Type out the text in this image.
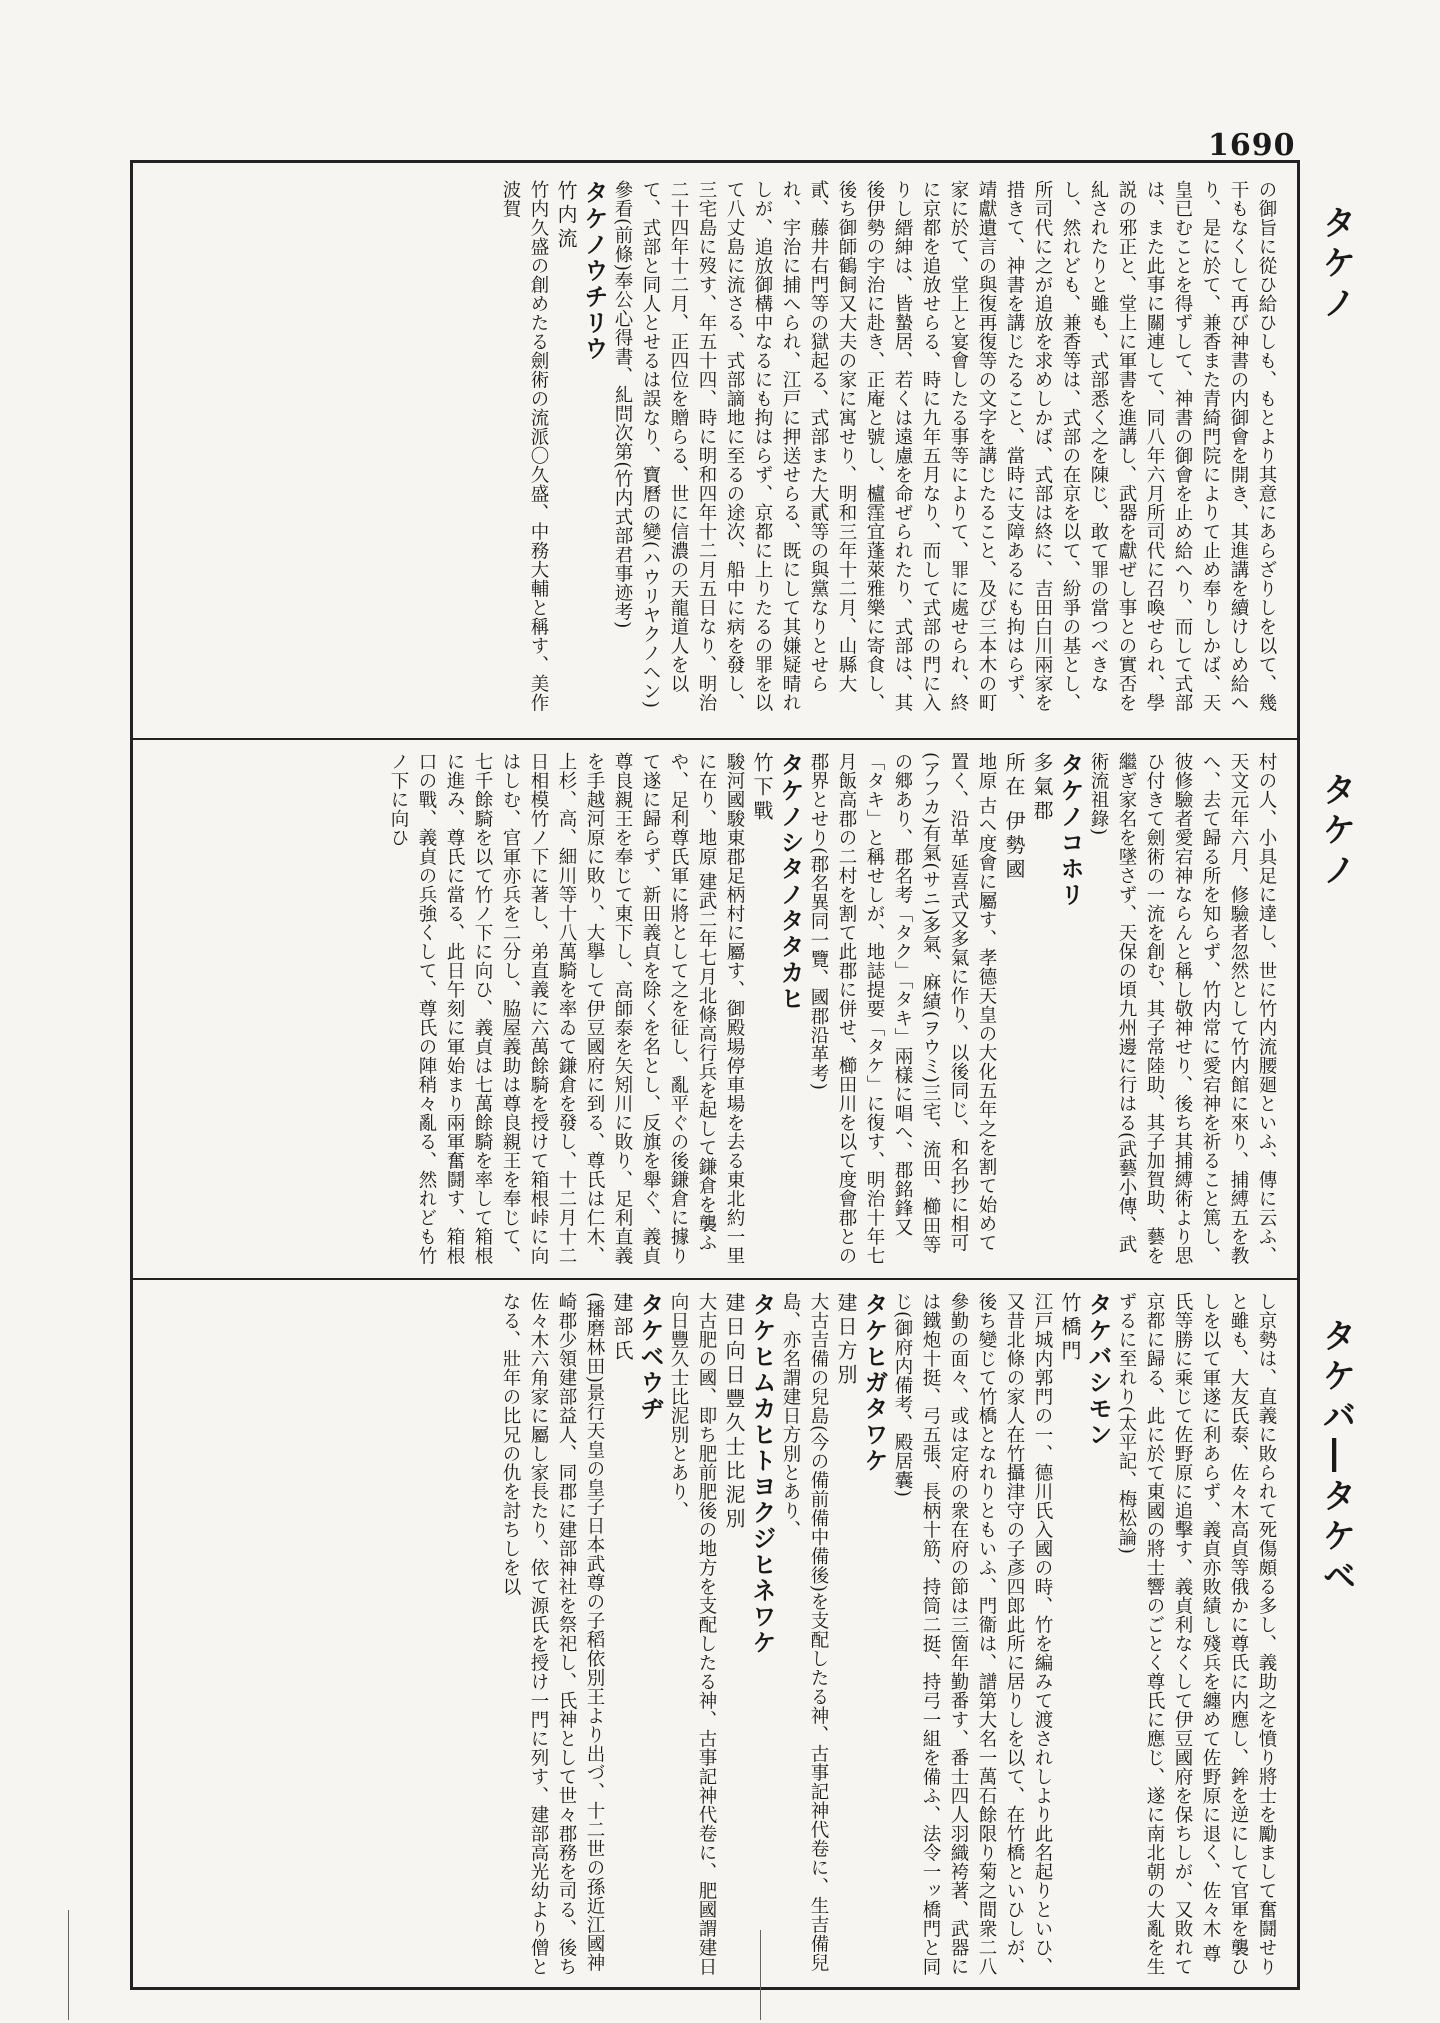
1690
タケノ
タケノ
タケバ―タケベ

の御旨に從ひ給ひしも、もとより其意にあらざりしを以て、幾干もなくして再び神書の内御會を開き、其進講を續けしめ給へり、是に於て、兼香また青綺門院によりて止め奉りしかば、天皇已むことを得ずして、神書の御會を止め給へり、而して式部は、また此事に關連して、同八年六月所司代に召喚せられ、學説の邪正と、堂上に軍書を進講し、武器を獻ぜし事との實否を糺されたりと雖も、式部悉く之を陳じ、敢て罪の當つべきなし、然れども、兼香等は、式部の在京を以て、紛爭の基とし、所司代に之が追放を求めしかば、式部は終に、吉田白川兩家を措きて、神書を講じたること、當時に支障あるにも拘はらず、靖獻遺言の與復再復等の文字を講じたること、及び三本木の町家に於て、堂上と宴會したる事等によりて、罪に處せられ、終に京都を追放せらる、時に九年五月なり、而して式部の門に入りし縉紳は、皆蟄居、若くは遠慮を命ぜられたり、式部は、其後伊勢の宇治に赴き、正庵と號し、櫨䨟宜蓬萊雅樂に寄食し、後ち御師鶴飼又大夫の家に寓せり、明和三年十二月、山縣大貳、藤井右門等の獄起る、式部また大貳等の與黨なりとせられ、宇治に捕へられ、江戸に押送せらる、既にして其嫌疑晴れしが、追放御構中なるにも拘はらず、京都に上りたるの罪を以て八丈島に流さる、式部謫地に至るの途次、船中に病を發し、三宅島に歿す、年五十四、時に明和四年十二月五日なり、明治二十四年十二月、正四位を贈らる、世に信濃の天龍道人を以て、式部と同人とせるは誤なり、寶曆の變(ハウリヤクノヘン)參看(前條)奉公心得書、糺問次第(竹内式部君事迹考)

タケノウチリウ

竹内流

竹内久盛の創めたる劍術の流派〇久盛、中務大輔と稱す、美作波賀

村の人、小具足に達し、世に竹内流腰廻といふ、傳に云ふ、天文元年六月、修驗者忽然として竹内館に來り、捕縛五を教へ、去て歸る所を知らず、竹内常に愛宕神を祈ること篤し、彼修驗者愛宕神ならんと稱し敬神せり、後ち其捕縛術より思ひ付きて劍術の一流を創む、其子常陸助、其子加賀助、藝を繼ぎ家名を墜さず、天保の頃九州邊に行はる(武藝小傳、武術流祖錄)

タケノコホリ

多氣郡

所在 伊勢國

地原 古へ度會に屬す、孝德天皇の大化五年之を割て始めて置く、沿革 延喜式又多氣に作り、以後同じ、和名抄に相可(アフカ)有氣(サニ)多氣、麻績(ヲウミ)三宅、流田、櫛田等の郷あり、郡名考「タク」「タキ」兩樣に唱へ、郡銘鋒又「タキ」と稱せしが、地誌提要「タケ」に復す、明治十年七月飯高郡の二村を割て此郡に併せ、櫛田川を以て度會郡との郡界とせり(郡名異同一覽、國郡沿革考)

タケノシタノタタカヒ

竹下戰

駿河國駿東郡足柄村に屬す、御殿場停車場を去る東北約一里に在り、地原 建武二年七月北條高行兵を起して鎌倉を襲ふや、足利尊氏軍に將として之を征し、亂平ぐの後鎌倉に據りて遂に歸らず、新田義貞を除くを名とし、反旗を舉ぐ、義貞尊良親王を奉じて東下し、高師泰を矢矧川に敗り、足利直義を手越河原に敗り、大擧して伊豆國府に到る、尊氏は仁木、上杉、高、細川等十八萬騎を率ゐて鎌倉を發し、十二月十二日相模竹ノ下に著し、弟直義に六萬餘騎を授けて箱根峠に向はしむ、官軍亦兵を二分し、脇屋義助は尊良親王を奉じて、七千餘騎を以て竹ノ下に向ひ、義貞は七萬餘騎を率して箱根に進み、尊氏に當る、此日午刻に軍始まり兩軍奮鬪す、箱根口の戰、義貞の兵強くして、尊氏の陣稍々亂る、然れども竹ノ下に向ひ

し京勢は、直義に敗られて死傷頗る多し、義助之を憤り將士を勵まして奮鬪せりと雖も、大友氏泰、佐々木高貞等俄かに尊氏に内應し、鉾を逆にして官軍を襲ひしを以て軍遂に利あらず、義貞亦敗績し殘兵を纏めて佐野原に退く、佐々木 尊氏等勝に乘じて佐野原に追擊す、義貞利なくして伊豆國府を保ちしが、又敗れて京都に歸る、此に於て東國の將士響のごとく尊氏に應じ、遂に南北朝の大亂を生ずるに至れり(太平記、梅松論)

タケバシモン

竹橋門

江戸城内郭門の一、德川氏入國の時、竹を編みて渡されしより此名起りといひ、又昔北條の家人在竹攝津守の子彥四郎此所に居りしを以て、在竹橋といひしが、後ち變じて竹橋となれりともいふ、門衞は、譜第大名一萬石餘限り菊之間衆二八參勤の面々、或は定府の衆在府の節は三箇年勤番す、番士四人羽織袴著、武器には鐵炮十挺、弓五張、長柄十筋、持筒二挺、持弓一組を備ふ、法令一ッ橋門と同じ(御府内備考、殿居囊)

タケヒガタワケ

建日方別

大古吉備の兒島(今の備前備中備後)を支配したる神、古事記神代卷に、生吉備兒島、亦名謂建日方別とあり、

タケヒムカヒトヨクジヒネワケ

建日向日豐久士比泥別

大古肥の國、即ち肥前肥後の地方を支配したる神、古事記神代卷に、肥國謂建日向日豐久士比泥別とあり、

タケベウヂ

建部氏

(播磨林田)景行天皇の皇子日本武尊の子稻依別王より出づ、十二世の孫近江國神崎郡少領建部益人、同郡に建部神社を祭祀し、氏神として世々郡務を司る、後ち佐々木六角家に屬し家長たり、依て源氏を授け一門に列す、建部高光幼より僧となる、壯年の比兄の仇を討ちしを以
